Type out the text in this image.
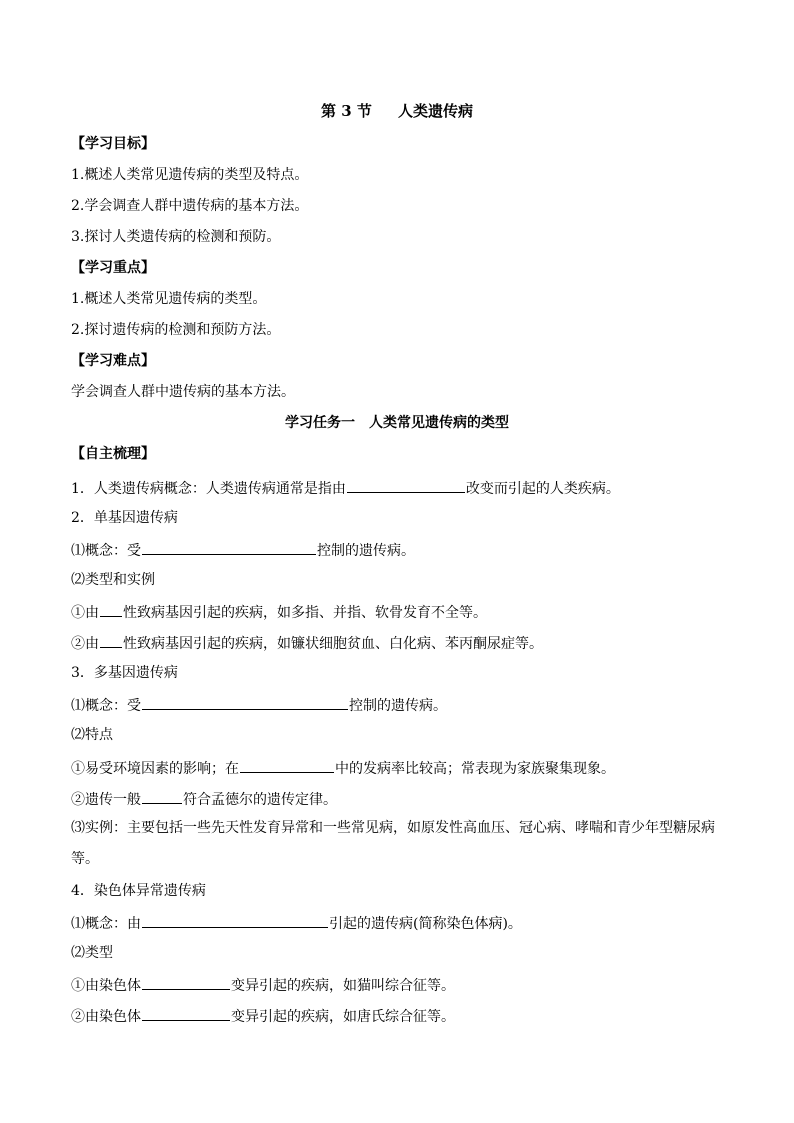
第 3 节 人类遗传病
【学习目标】
1.概述人类常见遗传病的类型及特点。
2.学会调查人群中遗传病的基本方法。
3.探讨人类遗传病的检测和预防。
【学习重点】
1.概述人类常见遗传病的类型。
2.探讨遗传病的检测和预防方法。
【学习难点】
学会调查人群中遗传病的基本方法。
学习任务一 人类常见遗传病的类型
【自主梳理】
1．人类遗传病概念：人类遗传病通常是指由	改变而引起的人类疾病。
2．单基因遗传病
⑴概念：受	控制的遗传病。
⑵类型和实例
①由 性致病基因引起的疾病，如多指、并指、软骨发育不全等。
②由 性致病基因引起的疾病，如镰状细胞贫血、白化病、苯丙酮尿症等。
3．多基因遗传病
⑴概念：受	控制的遗传病。
⑵特点
①易受环境因素的影响；在	中的发病率比较高；常表现为家族聚集现象。
②遗传一般	符合孟德尔的遗传定律。
⑶实例：主要包括一些先天性发育异常和一些常见病，如原发性高血压、冠心病、哮喘和青少年型糖尿病等。
4．染色体异常遗传病
⑴概念：由	引起的遗传病(简称染色体病)。
⑵类型
①由染色体	变异引起的疾病，如猫叫综合征等。
②由染色体	变异引起的疾病，如唐氏综合征等。
